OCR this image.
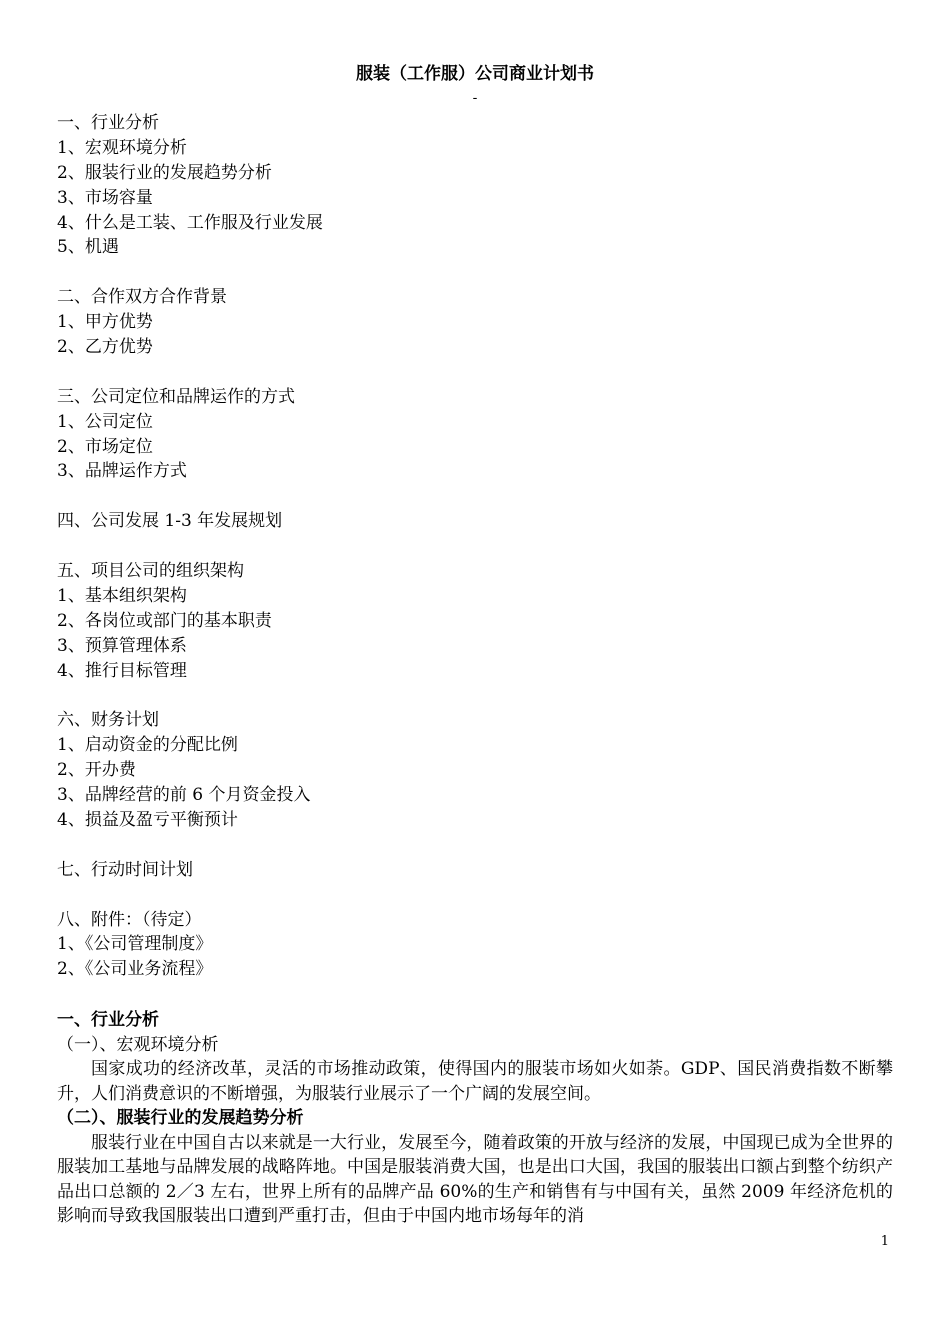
服装（工作服）公司商业计划书
-
一、行业分析
1、宏观环境分析
2、服装行业的发展趋势分析
3、市场容量
4、什么是工装、工作服及行业发展
5、机遇
二、合作双方合作背景
1、甲方优势
2、乙方优势
三、公司定位和品牌运作的方式
1、公司定位
2、市场定位
3、品牌运作方式
四、公司发展 1-3 年发展规划
五、项目公司的组织架构
1、基本组织架构
2、各岗位或部门的基本职责
3、预算管理体系
4、推行目标管理
六、财务计划
1、启动资金的分配比例
2、开办费
3、品牌经营的前 6 个月资金投入
4、损益及盈亏平衡预计
七、行动时间计划
八、附件：（待定）
1、《公司管理制度》
2、《公司业务流程》
一、行业分析
（一）、宏观环境分析
国家成功的经济改革，灵活的市场推动政策，使得国内的服装市场如火如荼。GDP、国民消费指数不断攀升，人们消费意识的不断增强，为服装行业展示了一个广阔的发展空间。
（二）、服装行业的发展趋势分析
服装行业在中国自古以来就是一大行业，发展至今，随着政策的开放与经济的发展，中国现已成为全世界的服装加工基地与品牌发展的战略阵地。中国是服装消费大国，也是出口大国，我国的服装出口额占到整个纺织产品出口总额的 2／3 左右，世界上所有的品牌产品 60%的生产和销售有与中国有关，虽然 2009 年经济危机的影响而导致我国服装出口遭到严重打击，但由于中国内地市场每年的消
1
